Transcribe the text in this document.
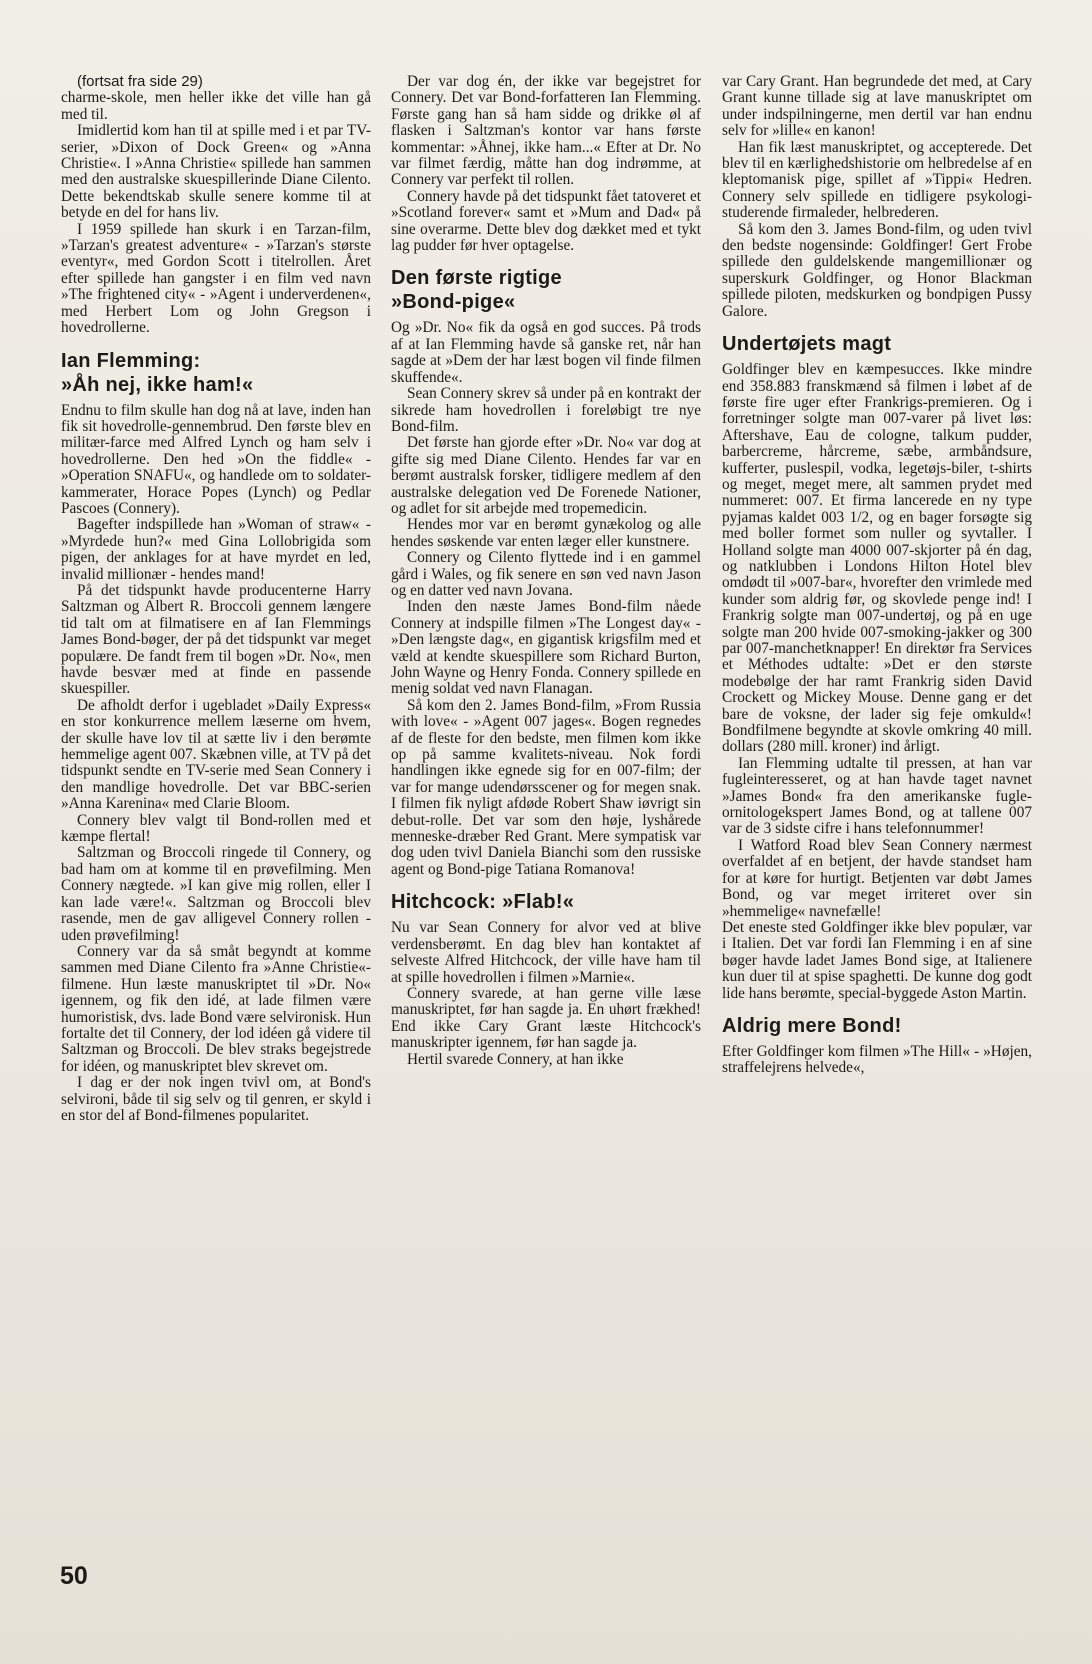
(fortsat fra side 29)

charme-skole, men heller ikke det ville han gå med til.

Imidlertid kom han til at spille med i et par TV-serier, »Dixon of Dock Green« og »Anna Christie«. I »Anna Christie« spillede han sammen med den australske skuespillerinde Diane Cilento. Dette bekendtskab skulle senere komme til at betyde en del for hans liv.

I 1959 spillede han skurk i en Tarzan-film, »Tarzan's greatest adventure« - »Tarzan's største eventyr«, med Gordon Scott i titelrollen. Året efter spillede han gangster i en film ved navn »The frightened city« - »Agent i underverdenen«, med Herbert Lom og John Gregson i hovedrollerne.

Ian Flemming:
»Åh nej, ikke ham!«

Endnu to film skulle han dog nå at lave, inden han fik sit hovedrolle-gennembrud. Den første blev en militær-farce med Alfred Lynch og ham selv i hovedrollerne. Den hed »On the fiddle« - »Operation SNAFU«, og handlede om to soldater-kammerater, Horace Popes (Lynch) og Pedlar Pascoes (Connery).

Bagefter indspillede han »Woman of straw« - »Myrdede hun?« med Gina Lollobrigida som pigen, der anklages for at have myrdet en led, invalid millionær - hendes mand!

På det tidspunkt havde producenterne Harry Saltzman og Albert R. Broccoli gennem længere tid talt om at filmatisere en af Ian Flemmings James Bond-bøger, der på det tidspunkt var meget populære. De fandt frem til bogen »Dr. No«, men havde besvær med at finde en passende skuespiller.

De afholdt derfor i ugebladet »Daily Express« en stor konkurrence mellem læserne om hvem, der skulle have lov til at sætte liv i den berømte hemmelige agent 007. Skæbnen ville, at TV på det tidspunkt sendte en TV-serie med Sean Connery i den mandlige hovedrolle. Det var BBC-serien »Anna Karenina« med Clarie Bloom.

Connery blev valgt til Bond-rollen med et kæmpe flertal!

Saltzman og Broccoli ringede til Connery, og bad ham om at komme til en prøvefilming. Men Connery nægtede. »I kan give mig rollen, eller I kan lade være!«. Saltzman og Broccoli blev rasende, men de gav alligevel Connery rollen - uden prøvefilming!

Connery var da så småt begyndt at komme sammen med Diane Cilento fra »Anne Christie«-filmene. Hun læste manuskriptet til »Dr. No« igennem, og fik den idé, at lade filmen være humoristisk, dvs. lade Bond være selvironisk. Hun fortalte det til Connery, der lod idéen gå videre til Saltzman og Broccoli. De blev straks begejstrede for idéen, og manuskriptet blev skrevet om.

I dag er der nok ingen tvivl om, at Bond's selvironi, både til sig selv og til genren, er skyld i en stor del af Bond-filmenes popularitet.

Der var dog én, der ikke var begejstret for Connery. Det var Bond-forfatteren Ian Flemming. Første gang han så ham sidde og drikke øl af flasken i Saltzman's kontor var hans første kommentar: »Åhnej, ikke ham...« Efter at Dr. No var filmet færdig, måtte han dog indrømme, at Connery var perfekt til rollen.

Connery havde på det tidspunkt fået tatoveret et »Scotland forever« samt et »Mum and Dad« på sine overarme. Dette blev dog dækket med et tykt lag pudder før hver optagelse.

Den første rigtige
»Bond-pige«

Og »Dr. No« fik da også en god succes. På trods af at Ian Flemming havde så ganske ret, når han sagde at »Dem der har læst bogen vil finde filmen skuffende«.

Sean Connery skrev så under på en kontrakt der sikrede ham hovedrollen i foreløbigt tre nye Bond-film.

Det første han gjorde efter »Dr. No« var dog at gifte sig med Diane Cilento. Hendes far var en berømt australsk forsker, tidligere medlem af den australske delegation ved De Forenede Nationer, og adlet for sit arbejde med tropemedicin.

Hendes mor var en berømt gynækolog og alle hendes søskende var enten læger eller kunstnere.

Connery og Cilento flyttede ind i en gammel gård i Wales, og fik senere en søn ved navn Jason og en datter ved navn Jovana.

Inden den næste James Bond-film nåede Connery at indspille filmen »The Longest day« - »Den længste dag«, en gigantisk krigsfilm med et væld at kendte skuespillere som Richard Burton, John Wayne og Henry Fonda. Connery spillede en menig soldat ved navn Flanagan.

Så kom den 2. James Bond-film, »From Russia with love« - »Agent 007 jages«. Bogen regnedes af de fleste for den bedste, men filmen kom ikke op på samme kvalitets-niveau. Nok fordi handlingen ikke egnede sig for en 007-film; der var for mange udendørsscener og for megen snak. I filmen fik nyligt afdøde Robert Shaw iøvrigt sin debut-rolle. Det var som den høje, lyshårede menneske-dræber Red Grant. Mere sympatisk var dog uden tvivl Daniela Bianchi som den russiske agent og Bond-pige Tatiana Romanova!

Hitchcock: »Flab!«

Nu var Sean Connery for alvor ved at blive verdensberømt. En dag blev han kontaktet af selveste Alfred Hitchcock, der ville have ham til at spille hovedrollen i filmen »Marnie«.

Connery svarede, at han gerne ville læse manuskriptet, før han sagde ja. En uhørt frækhed! End ikke Cary Grant læste Hitchcock's manuskripter igennem, før han sagde ja.

Hertil svarede Connery, at han ikke

var Cary Grant. Han begrundede det med, at Cary Grant kunne tillade sig at lave manuskriptet om under indspilningerne, men dertil var han endnu selv for »lille« en kanon!

Han fik læst manuskriptet, og accepterede. Det blev til en kærlighedshistorie om helbredelse af en kleptomanisk pige, spillet af »Tippi« Hedren. Connery selv spillede en tidligere psykologi-studerende firmaleder, helbrederen.

Så kom den 3. James Bond-film, og uden tvivl den bedste nogensinde: Goldfinger! Gert Frobe spillede den guldelskende mangemillionær og superskurk Goldfinger, og Honor Blackman spillede piloten, medskurken og bondpigen Pussy Galore.

Undertøjets magt

Goldfinger blev en kæmpesucces. Ikke mindre end 358.883 franskmænd så filmen i løbet af de første fire uger efter Frankrigs-premieren. Og i forretninger solgte man 007-varer på livet løs: Aftershave, Eau de cologne, talkum pudder, barbercreme, hårcreme, sæbe, armbåndsure, kufferter, puslespil, vodka, legetøjs-biler, t-shirts og meget, meget mere, alt sammen prydet med nummeret: 007. Et firma lancerede en ny type pyjamas kaldet 003 1/2, og en bager forsøgte sig med boller formet som nuller og syvtaller. I Holland solgte man 4000 007-skjorter på én dag, og natklubben i Londons Hilton Hotel blev omdødt til »007-bar«, hvorefter den vrimlede med kunder som aldrig før, og skovlede penge ind! I Frankrig solgte man 007-undertøj, og på en uge solgte man 200 hvide 007-smoking-jakker og 300 par 007-manchetknapper! En direktør fra Services et Méthodes udtalte: »Det er den største modebølge der har ramt Frankrig siden David Crockett og Mickey Mouse. Denne gang er det bare de voksne, der lader sig feje omkuld«! Bondfilmene begyndte at skovle omkring 40 mill. dollars (280 mill. kroner) ind årligt.

Ian Flemming udtalte til pressen, at han var fugleinteresseret, og at han havde taget navnet »James Bond« fra den amerikanske fugle-ornitologekspert James Bond, og at tallene 007 var de 3 sidste cifre i hans telefonnummer!

I Watford Road blev Sean Connery nærmest overfaldet af en betjent, der havde standset ham for at køre for hurtigt. Betjenten var døbt James Bond, og var meget irriteret over sin »hemmelige« navnefælle!

Det eneste sted Goldfinger ikke blev populær, var i Italien. Det var fordi Ian Flemming i en af sine bøger havde ladet James Bond sige, at Italienere kun duer til at spise spaghetti. De kunne dog godt lide hans berømte, special-byggede Aston Martin.

Aldrig mere Bond!

Efter Goldfinger kom filmen »The Hill« - »Højen, straffelejrens helvede«,

50
